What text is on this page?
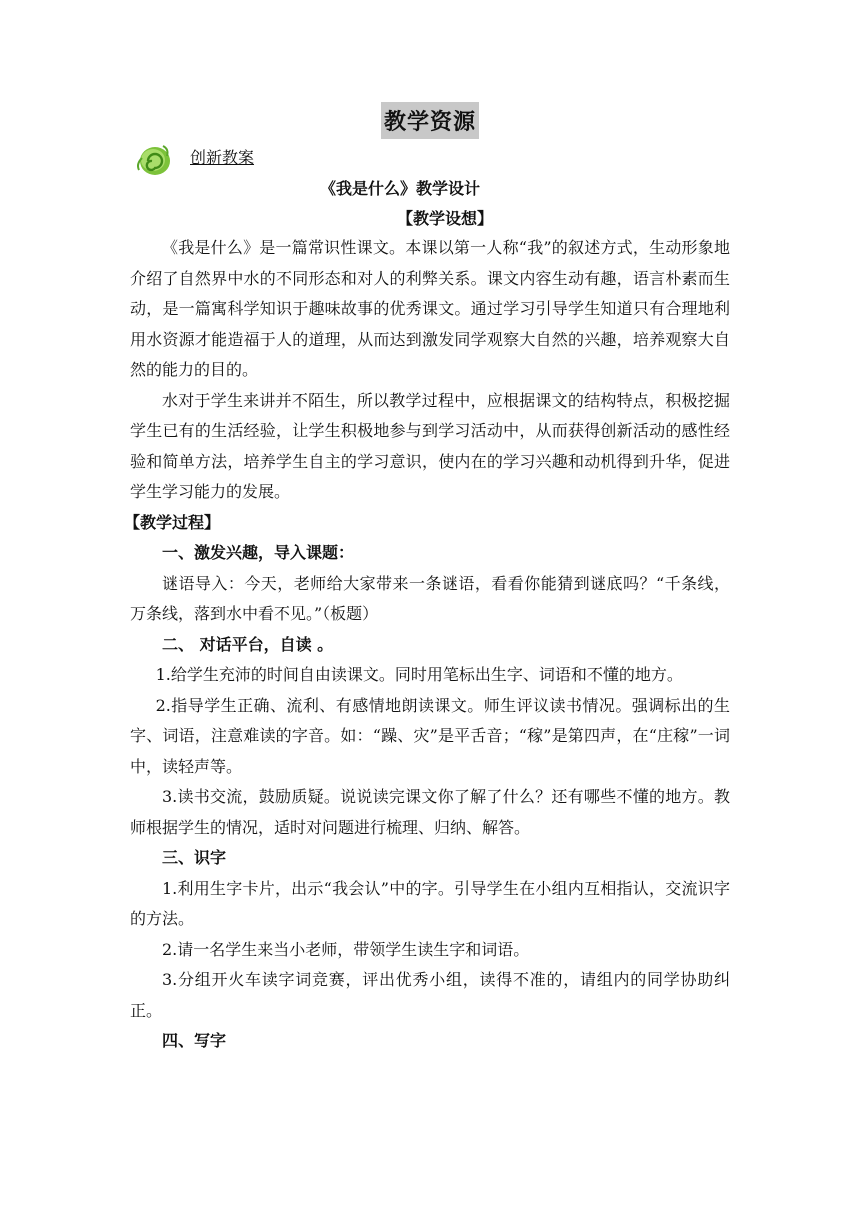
教学资源
创新教案
《我是什么》教学设计
【教学设想】

《我是什么》是一篇常识性课文。本课以第一人称“我”的叙述方式，生动形象地介绍了自然界中水的不同形态和对人的利弊关系。课文内容生动有趣，语言朴素而生动，是一篇寓科学知识于趣味故事的优秀课文。通过学习引导学生知道只有合理地利用水资源才能造福于人的道理，从而达到激发同学观察大自然的兴趣，培养观察大自然的能力的目的。

水对于学生来讲并不陌生，所以教学过程中，应根据课文的结构特点，积极挖掘学生已有的生活经验，让学生积极地参与到学习活动中，从而获得创新活动的感性经验和简单方法，培养学生自主的学习意识，使内在的学习兴趣和动机得到升华，促进学生学习能力的发展。

【教学过程】

一、激发兴趣，导入课题：

谜语导入：今天，老师给大家带来一条谜语，看看你能猜到谜底吗？“千条线，万条线，落到水中看不见。”（板题）

二、 对话平台，自读 。

1.给学生充沛的时间自由读课文。同时用笔标出生字、词语和不懂的地方。

2.指导学生正确、流利、有感情地朗读课文。师生评议读书情况。强调标出的生字、词语，注意难读的字音。如：“躁、灾”是平舌音；“稼”是第四声，在“庄稼”一词中，读轻声等。

3.读书交流，鼓励质疑。说说读完课文你了解了什么？还有哪些不懂的地方。教师根据学生的情况，适时对问题进行梳理、归纳、解答。

三、识字

1.利用生字卡片，出示“我会认”中的字。引导学生在小组内互相指认，交流识字的方法。

2.请一名学生来当小老师，带领学生读生字和词语。

3.分组开火车读字词竞赛，评出优秀小组，读得不准的，请组内的同学协助纠正。

四、写字
